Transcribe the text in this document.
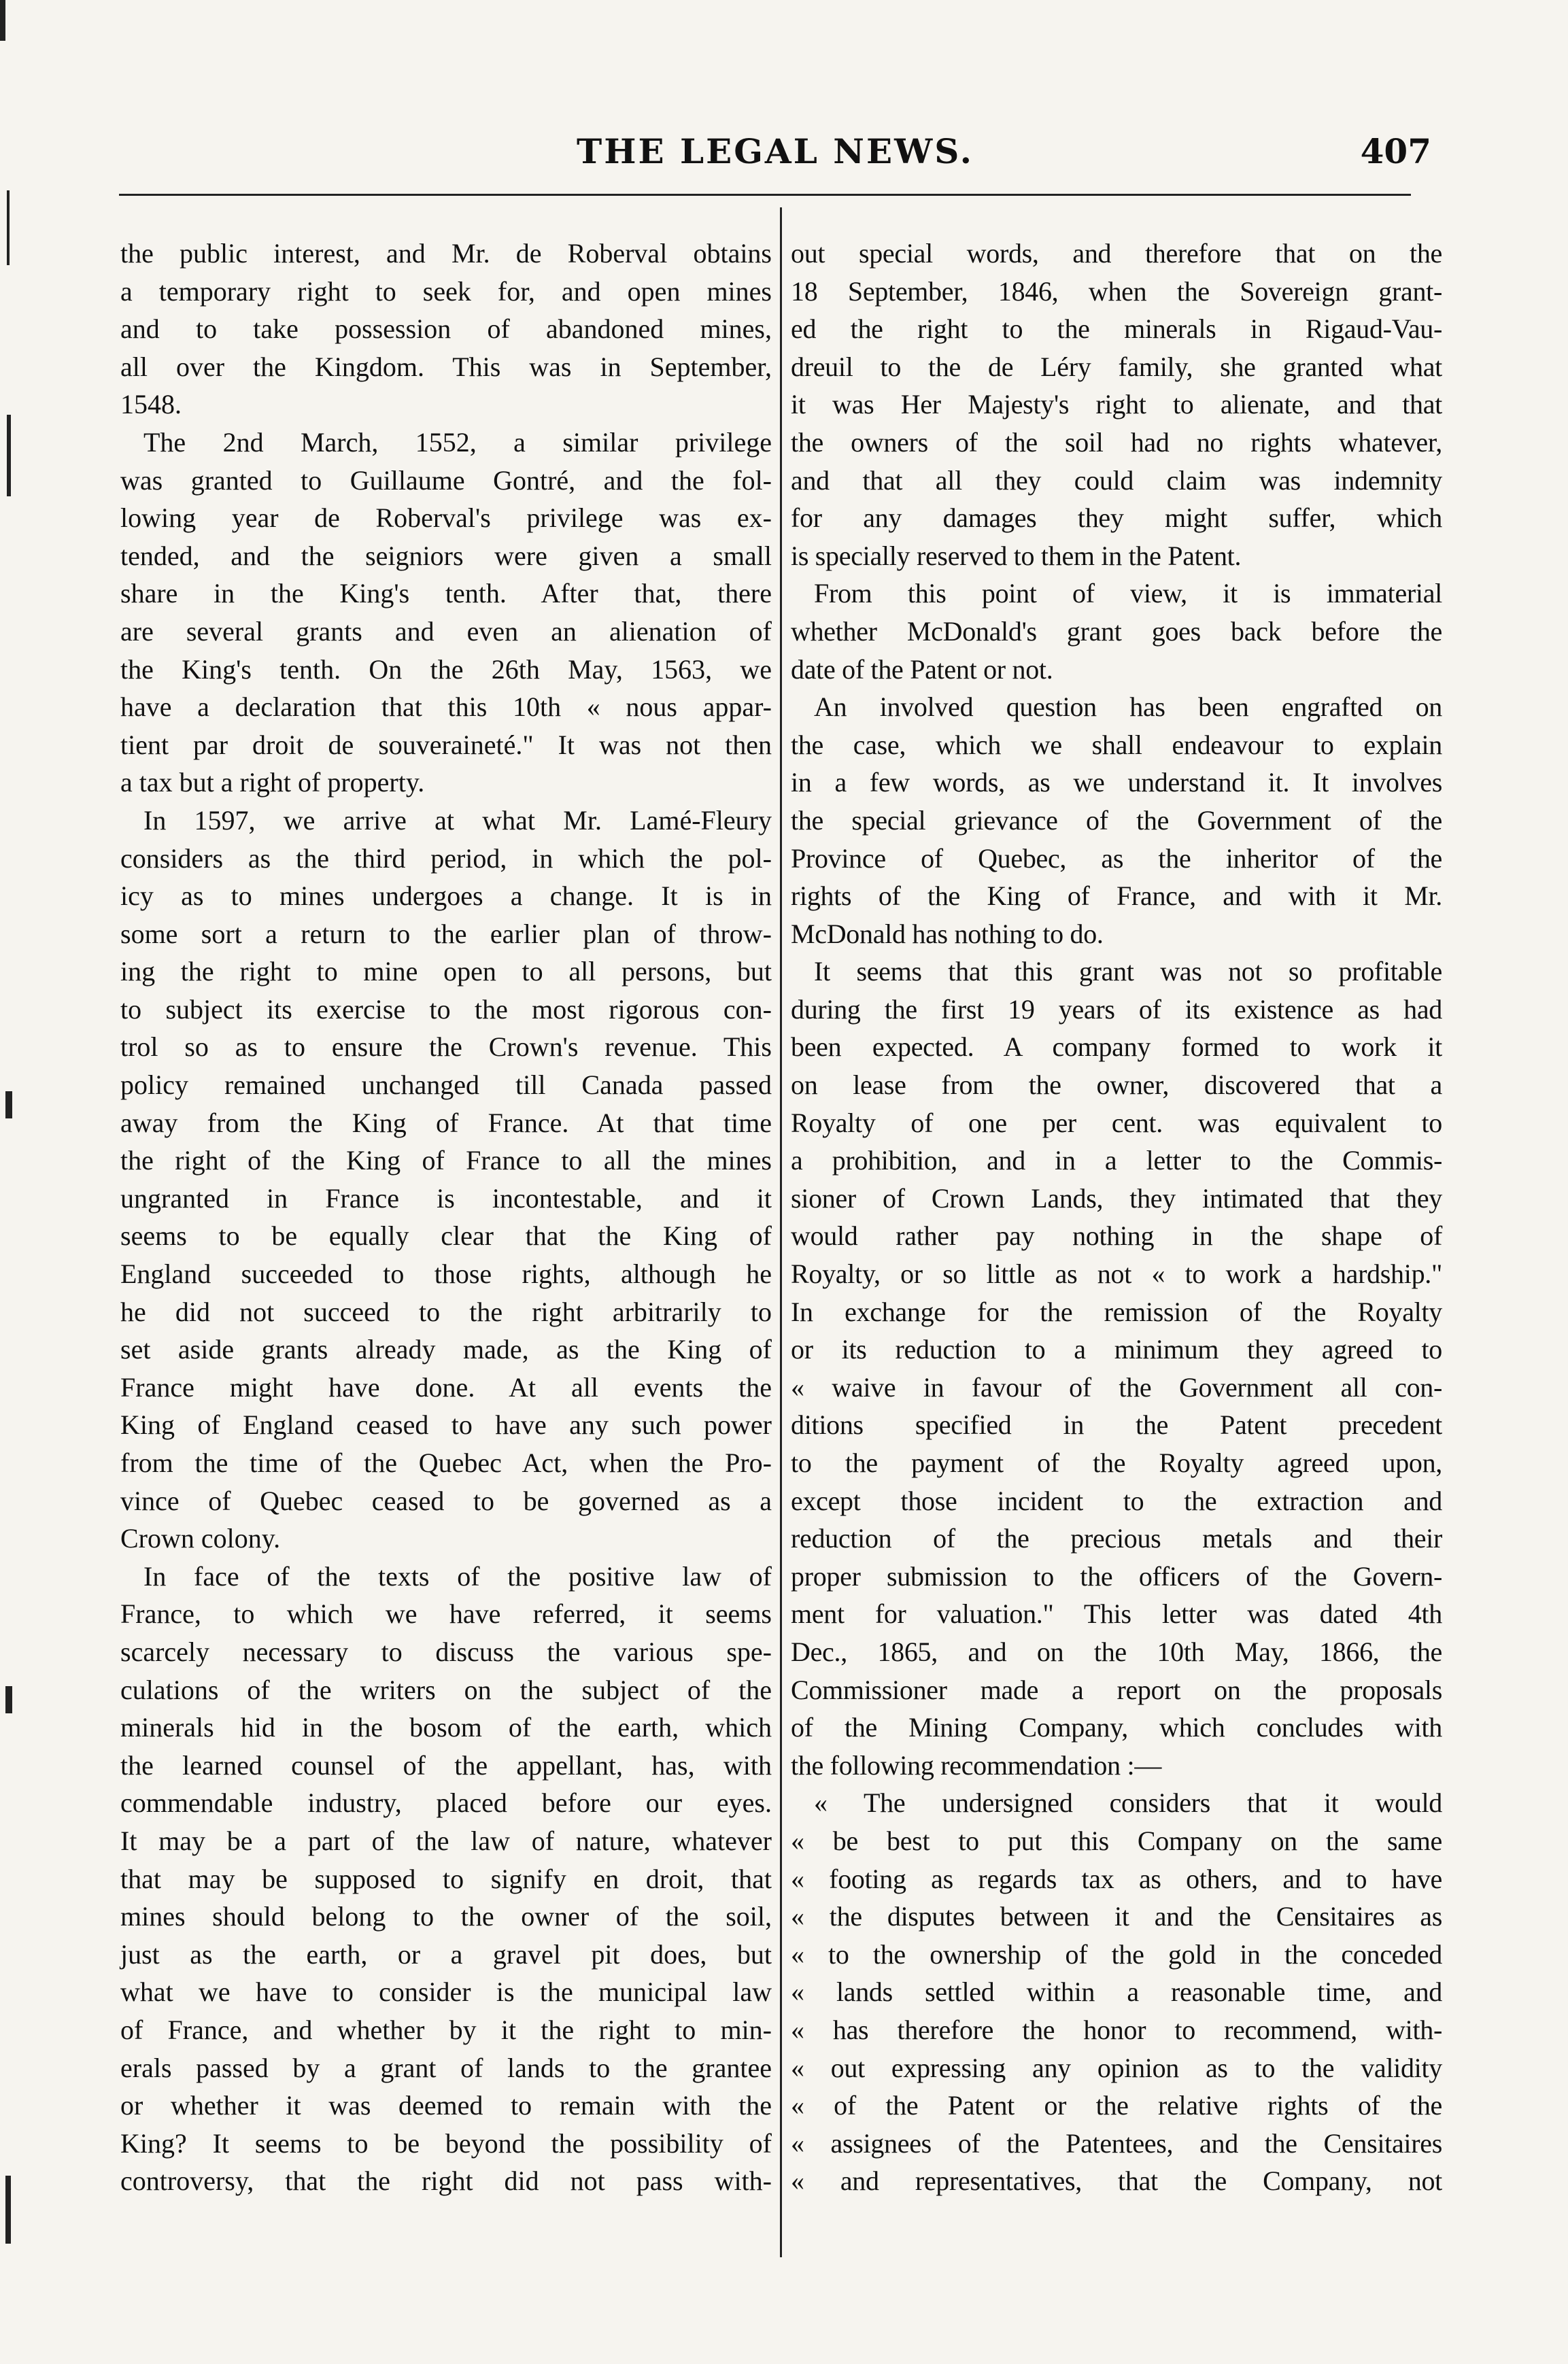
THE LEGAL NEWS.	407
the public interest, and Mr. de Roberval obtains
a temporary right to seek for, and open mines
and to take possession of abandoned mines,
all over the Kingdom. This was in September,
1548.
The 2nd March, 1552, a similar privilege
was granted to Guillaume Gontré, and the fol-
lowing year de Roberval's privilege was ex-
tended, and the seigniors were given a small
share in the King's tenth. After that, there
are several grants and even an alienation of
the King's tenth. On the 26th May, 1563, we
have a declaration that this 10th « nous appar-
tient par droit de souveraineté." It was not then
a tax but a right of property.
In 1597, we arrive at what Mr. Lamé-Fleury
considers as the third period, in which the pol-
icy as to mines undergoes a change. It is in
some sort a return to the earlier plan of throw-
ing the right to mine open to all persons, but
to subject its exercise to the most rigorous con-
trol so as to ensure the Crown's revenue. This
policy remained unchanged till Canada passed
away from the King of France. At that time
the right of the King of France to all the mines
ungranted in France is incontestable, and it
seems to be equally clear that the King of
England succeeded to those rights, although he
he did not succeed to the right arbitrarily to
set aside grants already made, as the King of
France might have done. At all events the
King of England ceased to have any such power
from the time of the Quebec Act, when the Pro-
vince of Quebec ceased to be governed as a
Crown colony.
In face of the texts of the positive law of
France, to which we have referred, it seems
scarcely necessary to discuss the various spe-
culations of the writers on the subject of the
minerals hid in the bosom of the earth, which
the learned counsel of the appellant, has, with
commendable industry, placed before our eyes.
It may be a part of the law of nature, whatever
that may be supposed to signify en droit, that
mines should belong to the owner of the soil,
just as the earth, or a gravel pit does, but
what we have to consider is the municipal law
of France, and whether by it the right to min-
erals passed by a grant of lands to the grantee
or whether it was deemed to remain with the
King? It seems to be beyond the possibility of
controversy, that the right did not pass with-
out special words, and therefore that on the
18 September, 1846, when the Sovereign grant-
ed the right to the minerals in Rigaud-Vau-
dreuil to the de Léry family, she granted what
it was Her Majesty's right to alienate, and that
the owners of the soil had no rights whatever,
and that all they could claim was indemnity
for any damages they might suffer, which
is specially reserved to them in the Patent.
From this point of view, it is immaterial
whether McDonald's grant goes back before the
date of the Patent or not.
An involved question has been engrafted on
the case, which we shall endeavour to explain
in a few words, as we understand it. It involves
the special grievance of the Government of the
Province of Quebec, as the inheritor of the
rights of the King of France, and with it Mr.
McDonald has nothing to do.
It seems that this grant was not so profitable
during the first 19 years of its existence as had
been expected. A company formed to work it
on lease from the owner, discovered that a
Royalty of one per cent. was equivalent to
a prohibition, and in a letter to the Commis-
sioner of Crown Lands, they intimated that they
would rather pay nothing in the shape of
Royalty, or so little as not « to work a hardship."
In exchange for the remission of the Royalty
or its reduction to a minimum they agreed to
« waive in favour of the Government all con-
ditions specified in the Patent precedent
to the payment of the Royalty agreed upon,
except those incident to the extraction and
reduction of the precious metals and their
proper submission to the officers of the Govern-
ment for valuation." This letter was dated 4th
Dec., 1865, and on the 10th May, 1866, the
Commissioner made a report on the proposals
of the Mining Company, which concludes with
the following recommendation :—
« The undersigned considers that it would
« be best to put this Company on the same
« footing as regards tax as others, and to have
« the disputes between it and the Censitaires as
« to the ownership of the gold in the conceded
« lands settled within a reasonable time, and
« has therefore the honor to recommend, with-
« out expressing any opinion as to the validity
« of the Patent or the relative rights of the
« assignees of the Patentees, and the Censitaires
« and representatives, that the Company, not
